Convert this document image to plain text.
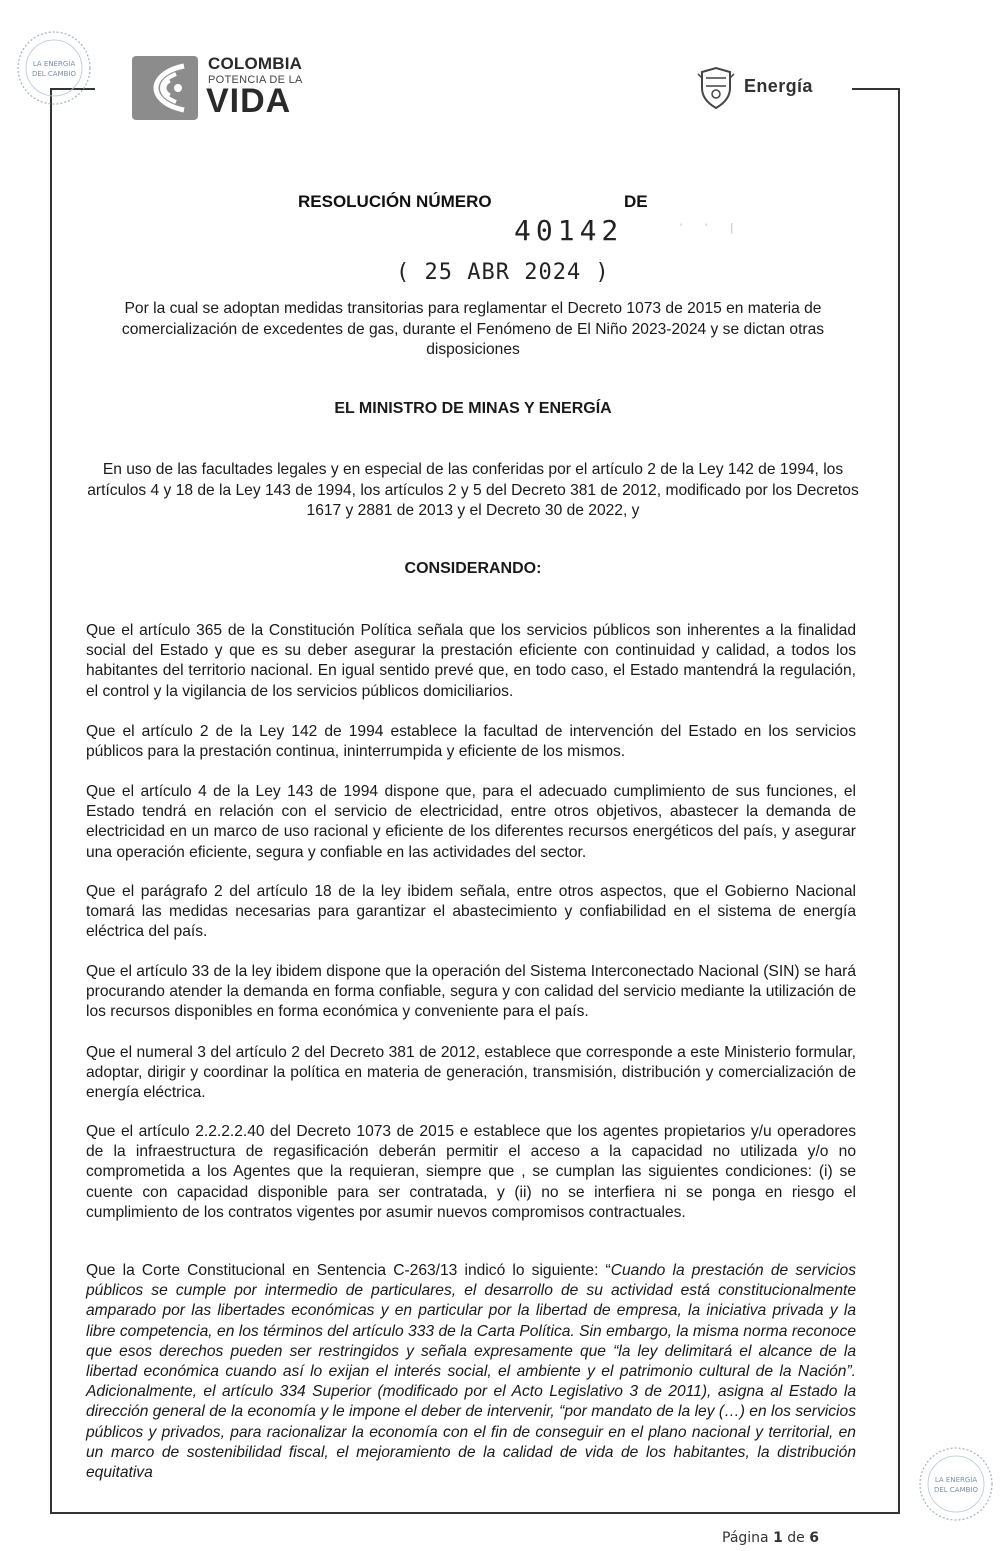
LA ENERGÍA
DEL CAMBIO
LA ENERGÍA
DEL CAMBIO
COLOMBIA
POTENCIA DE LA
VIDA	Energía
RESOLUCIÓN NÚMERO	DE
40142	' ' |
( 25 ABR 2024 )
Por la cual se adoptan medidas transitorias para reglamentar el Decreto 1073 de 2015 en materia de comercialización de excedentes de gas, durante el Fenómeno de El Niño 2023-2024 y se dictan otras disposiciones
EL MINISTRO DE MINAS Y ENERGÍA
En uso de las facultades legales y en especial de las conferidas por el artículo 2 de la Ley 142 de 1994, los artículos 4 y 18 de la Ley 143 de 1994, los artículos 2 y 5 del Decreto 381 de 2012, modificado por los Decretos 1617 y 2881 de 2013 y el Decreto 30 de 2022, y
CONSIDERANDO:
Que el artículo 365 de la Constitución Política señala que los servicios públicos son inherentes a la finalidad social del Estado y que es su deber asegurar la prestación eficiente con continuidad y calidad, a todos los habitantes del territorio nacional. En igual sentido prevé que, en todo caso, el Estado mantendrá la regulación, el control y la vigilancia de los servicios públicos domiciliarios.
Que el artículo 2 de la Ley 142 de 1994 establece la facultad de intervención del Estado en los servicios públicos para la prestación continua, ininterrumpida y eficiente de los mismos.
Que el artículo 4 de la Ley 143 de 1994 dispone que, para el adecuado cumplimiento de sus funciones, el Estado tendrá en relación con el servicio de electricidad, entre otros objetivos, abastecer la demanda de electricidad en un marco de uso racional y eficiente de los diferentes recursos energéticos del país, y asegurar una operación eficiente, segura y confiable en las actividades del sector.
Que el parágrafo 2 del artículo 18 de la ley ibidem señala, entre otros aspectos, que el Gobierno Nacional tomará las medidas necesarias para garantizar el abastecimiento y confiabilidad en el sistema de energía eléctrica del país.
Que el artículo 33 de la ley ibidem dispone que la operación del Sistema Interconectado Nacional (SIN) se hará procurando atender la demanda en forma confiable, segura y con calidad del servicio mediante la utilización de los recursos disponibles en forma económica y conveniente para el país.
Que el numeral 3 del artículo 2 del Decreto 381 de 2012, establece que corresponde a este Ministerio formular, adoptar, dirigir y coordinar la política en materia de generación, transmisión, distribución y comercialización de energía eléctrica.
Que el artículo 2.2.2.2.40 del Decreto 1073 de 2015 e establece que los agentes propietarios y/u operadores de la infraestructura de regasificación deberán permitir el acceso a la capacidad no utilizada y/o no comprometida a los Agentes que la requieran, siempre que , se cumplan las siguientes condiciones: (i) se cuente con capacidad disponible para ser contratada, y (ii) no se interfiera ni se ponga en riesgo el cumplimiento de los contratos vigentes por asumir nuevos compromisos contractuales.
Que la Corte Constitucional en Sentencia C-263/13 indicó lo siguiente: “Cuando la prestación de servicios públicos se cumple por intermedio de particulares, el desarrollo de su actividad está constitucionalmente amparado por las libertades económicas y en particular por la libertad de empresa, la iniciativa privada y la libre competencia, en los términos del artículo 333 de la Carta Política. Sin embargo, la misma norma reconoce que esos derechos pueden ser restringidos y señala expresamente que “la ley delimitará el alcance de la libertad económica cuando así lo exijan el interés social, el ambiente y el patrimonio cultural de la Nación”. Adicionalmente, el artículo 334 Superior (modificado por el Acto Legislativo 3 de 2011), asigna al Estado la dirección general de la economía y le impone el deber de intervenir, “por mandato de la ley (…) en los servicios públicos y privados, para racionalizar la economía con el fin de conseguir en el plano nacional y territorial, en un marco de sostenibilidad fiscal, el mejoramiento de la calidad de vida de los habitantes, la distribución equitativa
Página 1 de 6
